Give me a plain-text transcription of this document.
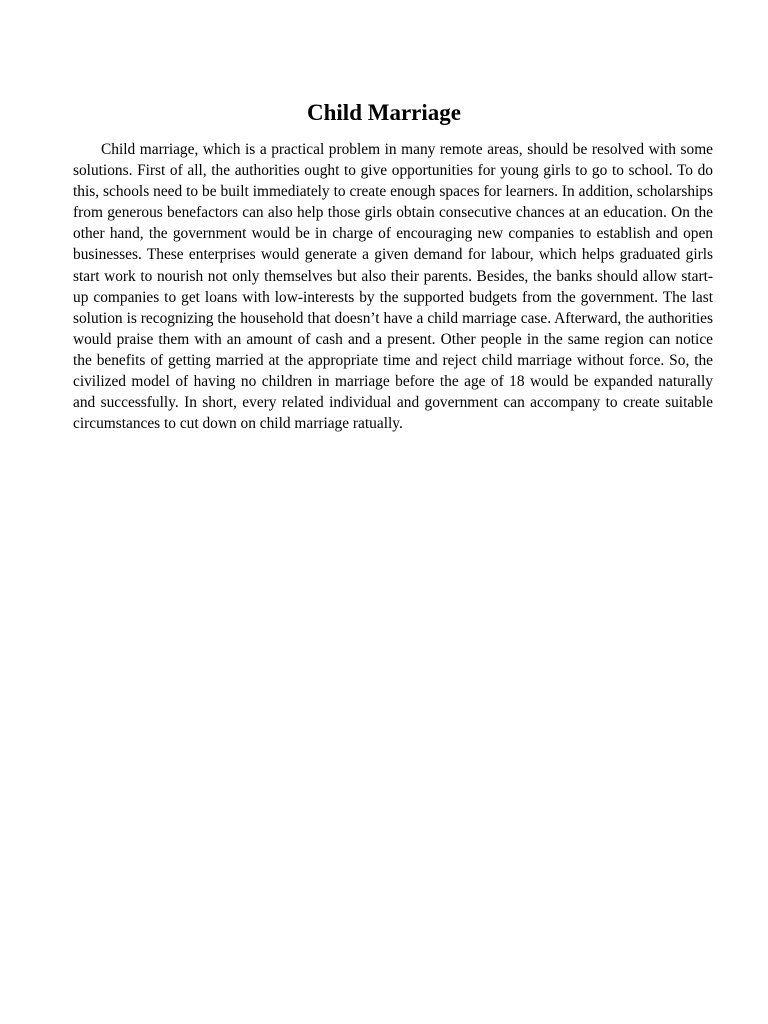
Child Marriage

Child marriage, which is a practical problem in many remote areas, should be resolved with some solutions. First of all, the authorities ought to give opportunities for young girls to go to school. To do this, schools need to be built immediately to create enough spaces for learners. In addition, scholarships from generous benefactors can also help those girls obtain consecutive chances at an education. On the other hand, the government would be in charge of encouraging new companies to establish and open businesses. These enterprises would generate a given demand for labour, which helps graduated girls start work to nourish not only themselves but also their parents. Besides, the banks should allow start-up companies to get loans with low-interests by the supported budgets from the government. The last solution is recognizing the household that doesn’t have a child marriage case. Afterward, the authorities would praise them with an amount of cash and a present. Other people in the same region can notice the benefits of getting married at the appropriate time and reject child marriage without force. So, the civilized model of having no children in marriage before the age of 18 would be expanded naturally and successfully. In short, every related individual and government can accompany to create suitable circumstances to cut down on child marriage ratually.
